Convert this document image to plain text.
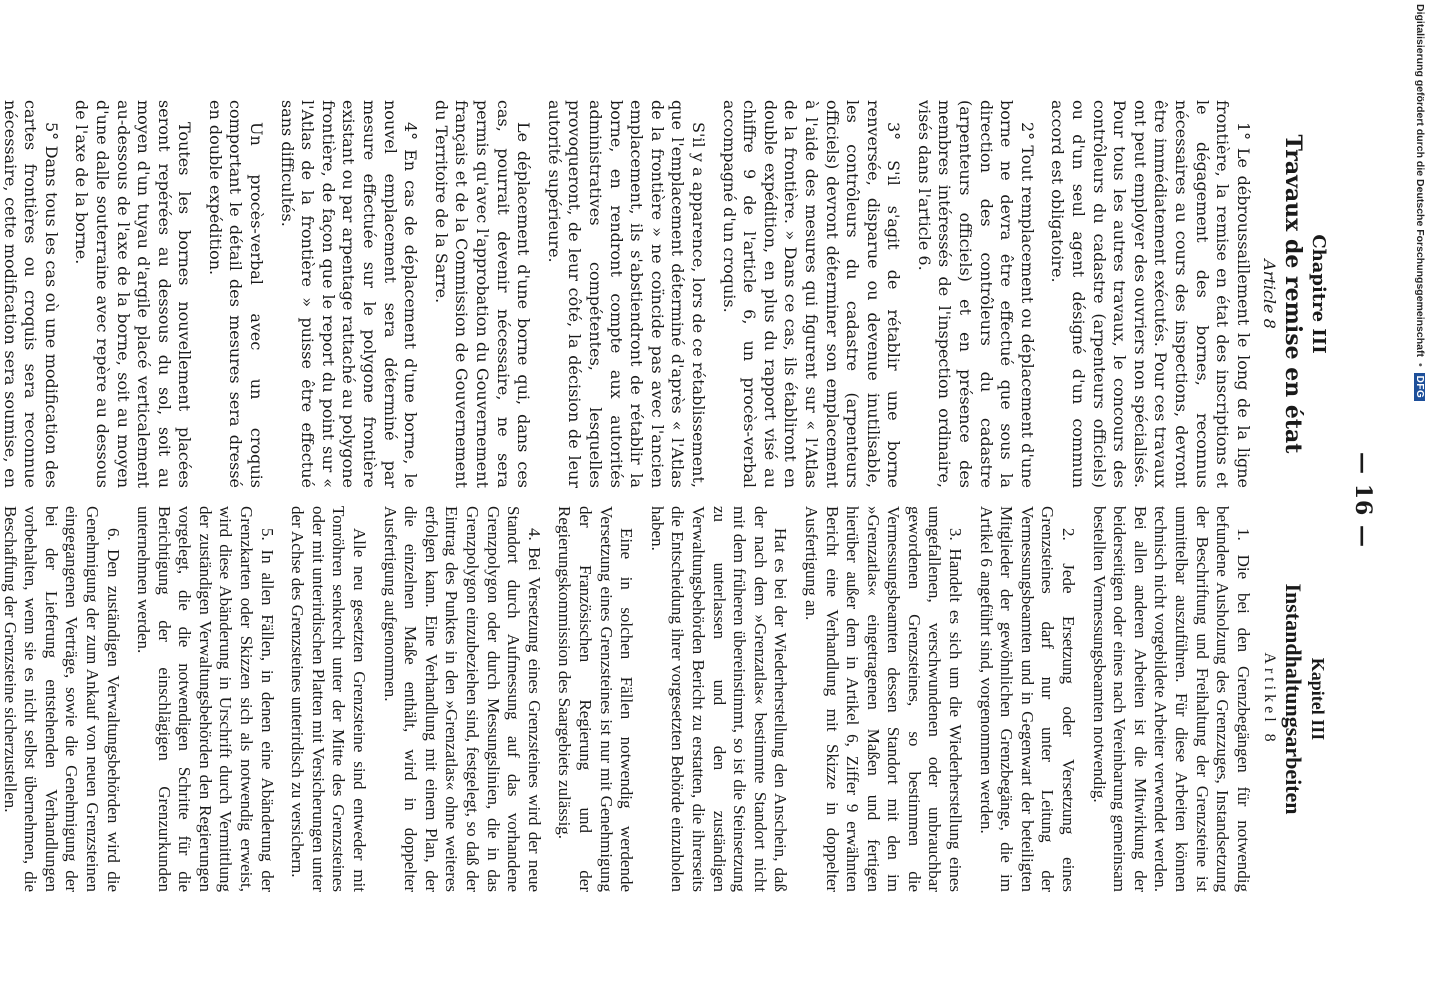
— 16 —
Chapitre III
Travaux de remise en état
Article 8

1° Le débroussaillement le long de la ligne frontière, la remise en état des inscriptions et le dégagement des bornes, reconnus nécessaires au cours des inspections, devront être immédiatement exécutés. Pour ces travaux ont peut employer des ouvriers non spécialisés. Pour tous les autres travaux, le concours des contrôleurs du cadastre (arpenteurs officiels) ou d'un seul agent désigné d'un commun accord est obligatoire.

2° Tout remplacement ou déplacement d'une borne ne devra être effectué que sous la direction des contrôleurs du cadastre (arpenteurs officiels) et en présence des membres intéressés de l'inspection ordinaire, visés dans l'article 6.

3° S'il s'agit de rétablir une borne renversée, disparue ou devenue inutilisable, les contrôleurs du cadastre (arpenteurs officiels) devront déterminer son emplacement à l'aide des mesures qui figurent sur « l'Atlas de la frontière. » Dans ce cas, ils établiront en double expédition, en plus du rapport visé au chiffre 9 de l'article 6, un procès-verbal accompagné d'un croquis.

S'il y a apparence, lors de ce rétablissement, que l'emplacement déterminé d'après « l'Atlas de la frontière » ne coïncide pas avec l'ancien emplacement, ils s'abstiendront de rétablir la borne, en rendront compte aux autorités administratives compétentes, lesquelles provoqueront, de leur côté, la décision de leur autorité supérieure.

Le déplacement d'une borne qui, dans ces cas, pourrait devenir nécessaire, ne sera permis qu'avec l'approbation du Gouvernement français et de la Commission de Gouvernement du Territoire de la Sarre.

4° En cas de déplacement d'une borne, le nouvel emplacement sera déterminé par mesure effectuée sur le polygone frontière existant ou par arpentage rattaché au polygone frontière, de façon que le report du point sur « l'Atlas de la frontière » puisse être effectué sans difficultés.

Un procès-verbal avec un croquis comportant le détail des mesures sera dressé en double expédition.

Toutes les bornes nouvellement placées seront repérées au dessous du sol, soit au moyen d'un tuyau d'argile placé verticalement au-dessous de l'axe de la borne, soit au moyen d'une dalle souterraine avec repère au dessous de l'axe de la borne.

5° Dans tous les cas où une modification des cartes frontières ou croquis sera reconnue nécessaire, cette modification sera soumise, en

Kapitel III
Instandhaltungsarbeiten
Artikel 8

1. Die bei den Grenzbegängen für notwendig befundene Ausholzung des Grenzzuges, Instandsetzung der Beschriftung und Freihaltung der Grenzsteine ist unmittelbar auszuführen. Für diese Arbeiten können technisch nicht vorgebildete Arbeiter verwendet werden. Bei allen anderen Arbeiten ist die Mitwirkung der beiderseitigen oder eines nach Vereinbarung gemeinsam bestellten Vermessungsbeamten notwendig.

2. Jede Ersetzung oder Versetzung eines Grenzsteines darf nur unter Leitung der Vermessungsbeamten und in Gegenwart der beteiligten Mitglieder der gewöhnlichen Grenzbegänge, die im Artikel 6 angeführt sind, vorgenommen werden.

3. Handelt es sich um die Wiederherstellung eines umgefallenen, verschwundenen oder unbrauchbar gewordenen Grenzsteines, so bestimmen die Vermessungsbeamten dessen Standort mit den im »Grenzatlas« eingetragenen Maßen und fertigen hierüber außer dem in Artikel 6, Ziffer 9 erwähnten Bericht eine Verhandlung mit Skizze in doppelter Ausfertigung an.

Hat es bei der Wiederherstellung den Anschein, daß der nach dem »Grenzatlas« bestimmte Standort nicht mit dem früheren übereinstimmt, so ist die Steinsetzung zu unterlassen und den zuständigen Verwaltungsbehörden Bericht zu erstatten, die ihrerseits die Entscheidung ihrer vorgesetzten Behörde einzuholen haben.

Eine in solchen Fällen notwendig werdende Versetzung eines Grenzsteines ist nur mit Genehmigung der Französischen Regierung und der Regierungskommission des Saargebiets zulässig.

4. Bei Versetzung eines Grenzsteines wird der neue Standort durch Aufmessung auf das vorhandene Grenzpolygon oder durch Messungslinien, die in das Grenzpolygon einzubeziehen sind, festgelegt, so daß der Eintrag des Punktes in den »Grenzatlas« ohne weiteres erfolgen kann. Eine Verhandlung mit einem Plan, der die einzelnen Maße enthält, wird in doppelter Ausfertigung aufgenommen.

Alle neu gesetzten Grenzsteine sind entweder mit Tonröhren senkrecht unter der Mitte des Grenzsteines oder mit unterirdischen Platten mit Versicherungen unter der Achse des Grenzsteines unterirdisch zu versichern.

5. In allen Fällen, in denen eine Abänderung der Grenzkarten oder Skizzen sich als notwendig erweist, wird diese Abänderung in Urschrift durch Vermittlung der zuständigen Verwaltungsbehörden den Regierungen vorgelegt, die die notwendigen Schritte für die Berichtigung der einschlägigen Grenzurkunden unternehmen werden.

6. Den zuständigen Verwaltungsbehörden wird die Genehmigung der zum Ankauf von neuen Grenzsteinen eingegangenen Verträge, sowie die Genehmigung der bei der Lieferung entstehenden Verhandlungen vorbehalten, wenn sie es nicht selbst übernehmen, die Beschaffung der Grenzsteine sicherzustellen.

Digitalisierung gefördert durch die Deutsche Forschungsgemeinschaft
•
DFG
